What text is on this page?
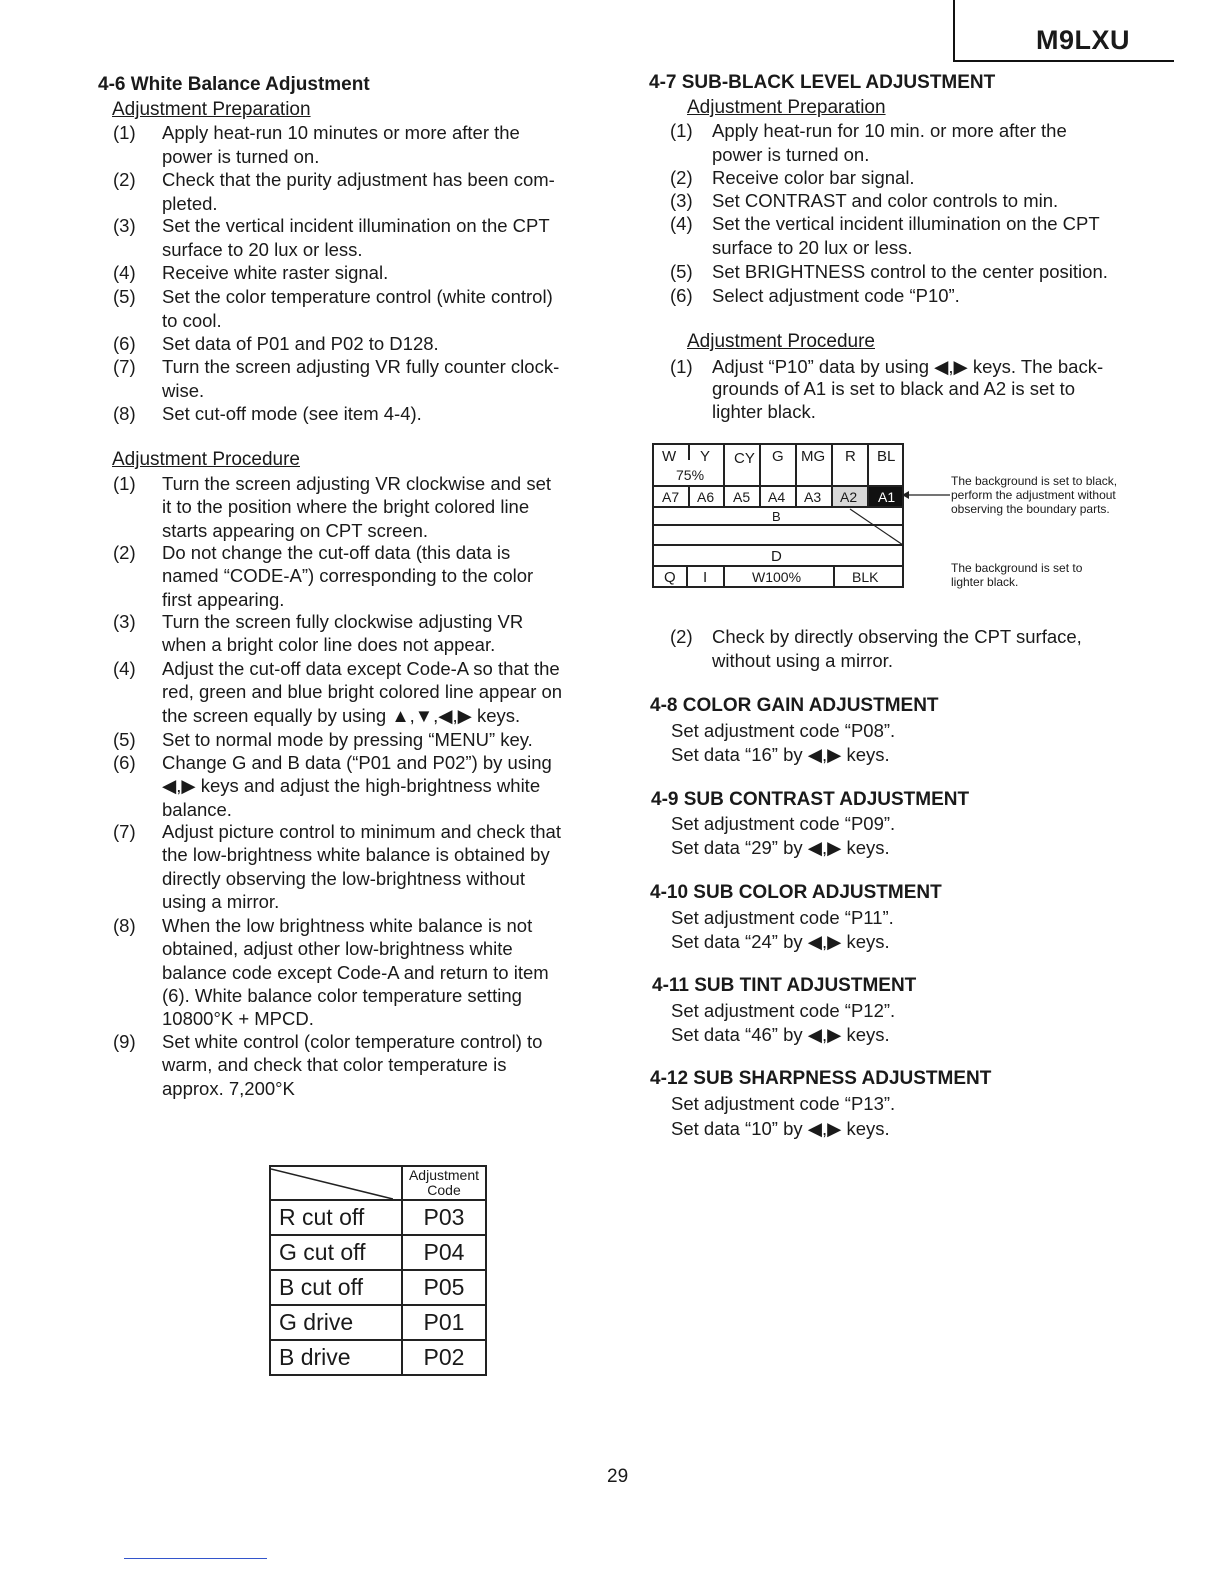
M9LXU
4-6 White Balance Adjustment
Adjustment Preparation
(1) Apply heat-run 10 minutes or more after the
power is turned on.
(2) Check that the purity adjustment has been com-
pleted.
(3) Set the vertical incident illumination on the CPT
surface to 20 lux or less.
(4) Receive white raster signal.
(5) Set the color temperature control (white control)
to cool.
(6) Set data of P01 and P02 to D128.
(7) Turn the screen adjusting VR fully counter clock-
wise.
(8) Set cut-off mode (see item 4-4).
Adjustment Procedure
(1) Turn the screen adjusting VR clockwise and set
it to the position where the bright colored line
starts appearing on CPT screen.
(2) Do not change the cut-off data (this data is
named “CODE-A”) corresponding to the color
first appearing.
(3) Turn the screen fully clockwise adjusting VR
when a bright color line does not appear.
(4) Adjust the cut-off data except Code-A so that the
red, green and blue bright colored line appear on
the screen equally by using ▲,▼,◀,▶ keys.
(5) Set to normal mode by pressing “MENU” key.
(6) Change G and B data (“P01 and P02”) by using
◀,▶ keys and adjust the high-brightness white
balance.
(7) Adjust picture control to minimum and check that
the low-brightness white balance is obtained by
directly observing the low-brightness without
using a mirror.
(8) When the low brightness white balance is not
obtained, adjust other low-brightness white
balance code except Code-A and return to item
(6). White balance color temperature setting
10800°K + MPCD.
(9) Set white control (color temperature control) to
warm, and check that color temperature is
approx. 7,200°K

Adjustment
Code

R cut off	P03
G cut off	P04
B cut off	P05
G drive	P01
B drive	P02
4-7 SUB-BLACK LEVEL ADJUSTMENT
Adjustment Preparation
(1) Apply heat-run for 10 min. or more after the
power is turned on.
(2) Receive color bar signal.
(3) Set CONTRAST and color controls to min.
(4) Set the vertical incident illumination on the CPT
surface to 20 lux or less.
(5) Set BRIGHTNESS control to the center position.
(6) Select adjustment code “P10”.
Adjustment Procedure
(1) Adjust “P10” data by using ◀,▶ keys. The back-
grounds of A1 is set to black and A2 is set to
lighter black.
W Y
75%
CY G MG R BL
A7 A6 A5 A4 A3 A2 A1
B
D
Q I	W100%	BLK
The background is set to black,
perform the adjustment without
observing the boundary parts.
The background is set to
lighter black.
(2) Check by directly observing the CPT surface,
without using a mirror.
4-8 COLOR GAIN ADJUSTMENT
Set adjustment code “P08”.
Set data “16” by ◀,▶ keys.
4-9 SUB CONTRAST ADJUSTMENT
Set adjustment code “P09”.
Set data “29” by ◀,▶ keys.
4-10 SUB COLOR ADJUSTMENT
Set adjustment code “P11”.
Set data “24” by ◀,▶ keys.
4-11 SUB TINT ADJUSTMENT
Set adjustment code “P12”.
Set data “46” by ◀,▶ keys.
4-12 SUB SHARPNESS ADJUSTMENT
Set adjustment code “P13”.
Set data “10” by ◀,▶ keys.
29
